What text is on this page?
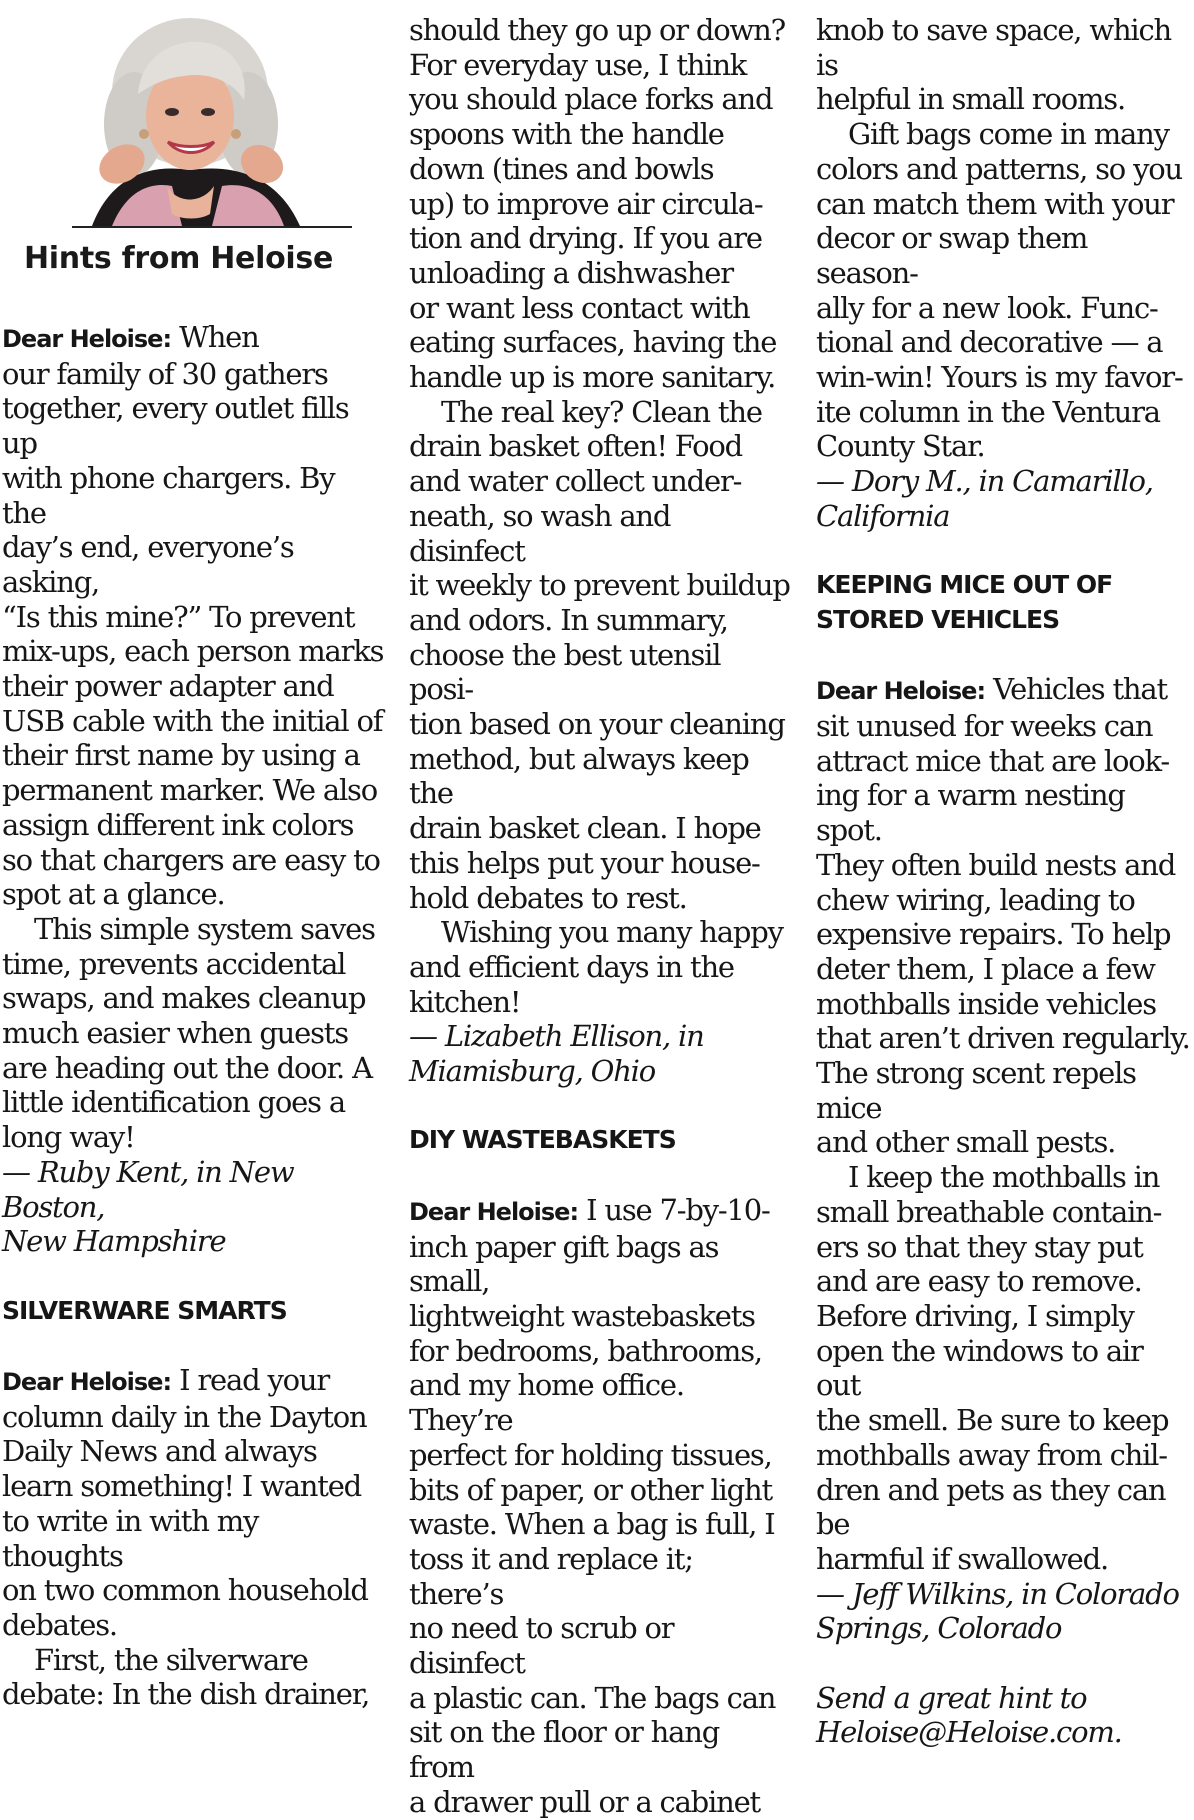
Hints from Heloise

Dear Heloise: When

our family of 30 gathers

together, every outlet fills up

with phone chargers. By the

day’s end, everyone’s asking,

“Is this mine?” To prevent

mix-ups, each person marks

their power adapter and

USB cable with the initial of

their first name by using a

permanent marker. We also

assign different ink colors

so that chargers are easy to

spot at a glance.

This simple system saves

time, prevents accidental

swaps, and makes cleanup

much easier when guests

are heading out the door. A

little identification goes a

long way!

— Ruby Kent, in New Boston,

New Hampshire

SILVERWARE SMARTS

Dear Heloise: I read your

column daily in the Dayton

Daily News and always

learn something! I wanted

to write in with my thoughts

on two common household

debates.

First, the silverware

debate: In the dish drainer,

should they go up or down?

For everyday use, I think

you should place forks and

spoons with the handle

down (tines and bowls

up) to improve air circula-

tion and drying. If you are

unloading a dishwasher

or want less contact with

eating surfaces, having the

handle up is more sanitary.

The real key? Clean the

drain basket often! Food

and water collect under-

neath, so wash and disinfect

it weekly to prevent buildup

and odors. In summary,

choose the best utensil posi-

tion based on your cleaning

method, but always keep the

drain basket clean. I hope

this helps put your house-

hold debates to rest.

Wishing you many happy

and efficient days in the

kitchen!

— Lizabeth Ellison, in

Miamisburg, Ohio

DIY WASTEBASKETS

Dear Heloise: I use 7-by-10-

inch paper gift bags as small,

lightweight wastebaskets

for bedrooms, bathrooms,

and my home office. They’re

perfect for holding tissues,

bits of paper, or other light

waste. When a bag is full, I

toss it and replace it; there’s

no need to scrub or disinfect

a plastic can. The bags can

sit on the floor or hang from

a drawer pull or a cabinet

knob to save space, which is

helpful in small rooms.

Gift bags come in many

colors and patterns, so you

can match them with your

decor or swap them season-

ally for a new look. Func-

tional and decorative — a

win-win! Yours is my favor-

ite column in the Ventura

County Star.

— Dory M., in Camarillo,

California

KEEPING MICE OUT OF

STORED VEHICLES

Dear Heloise: Vehicles that

sit unused for weeks can

attract mice that are look-

ing for a warm nesting spot.

They often build nests and

chew wiring, leading to

expensive repairs. To help

deter them, I place a few

mothballs inside vehicles

that aren’t driven regularly.

The strong scent repels mice

and other small pests.

I keep the mothballs in

small breathable contain-

ers so that they stay put

and are easy to remove.

Before driving, I simply

open the windows to air out

the smell. Be sure to keep

mothballs away from chil-

dren and pets as they can be

harmful if swallowed.

— Jeff Wilkins, in Colorado

Springs, Colorado

Send a great hint to

Heloise@Heloise.com.
